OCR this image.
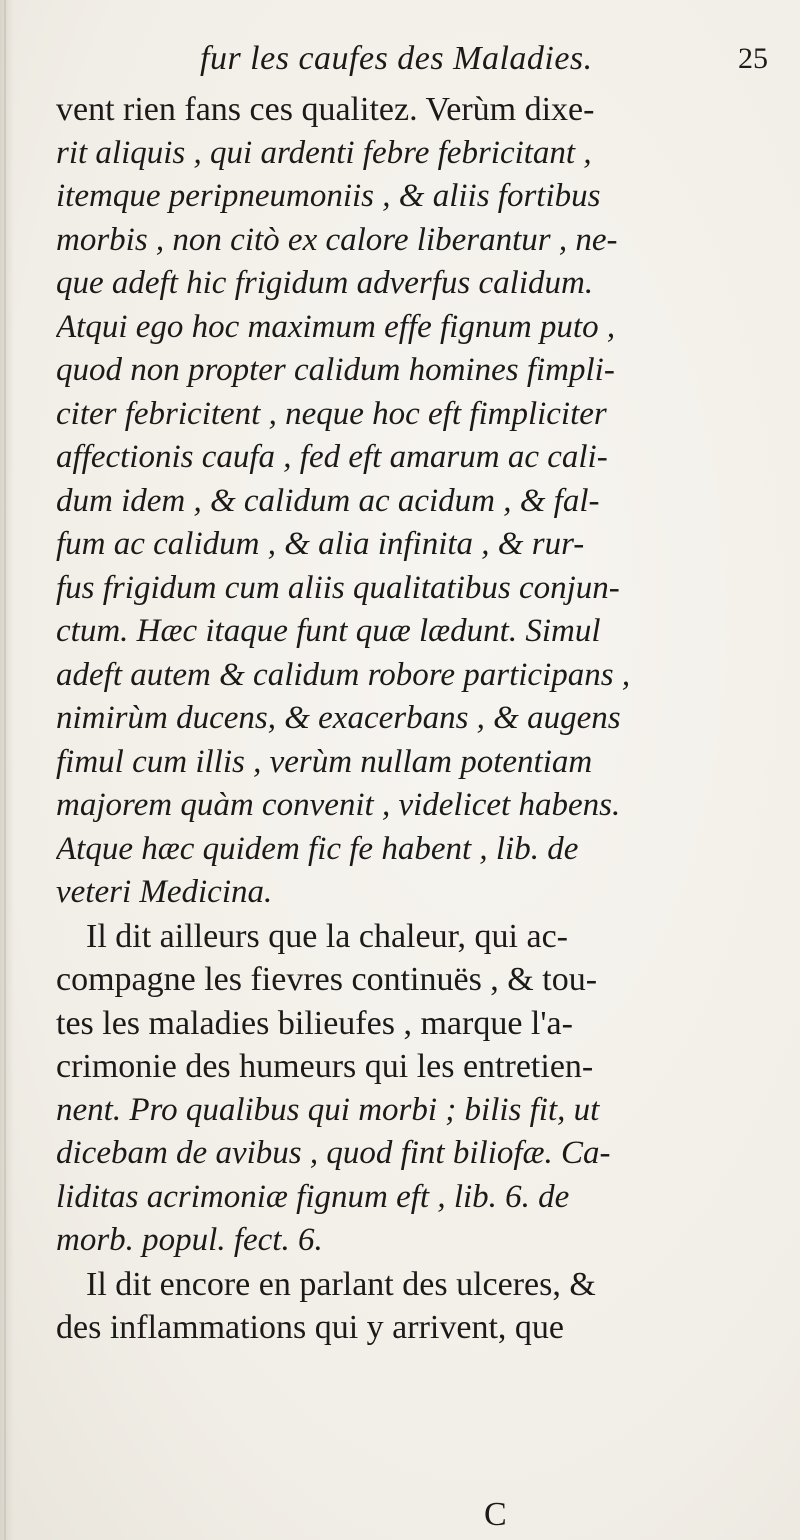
fur les caufes des Maladies.	25
vent rien fans ces qualitez. Verùm dixe-
rit aliquis , qui ardenti febre febricitant ,
itemque peripneumoniis , & aliis fortibus
morbis , non citò ex calore liberantur , ne-
que adeft hic frigidum adverfus calidum.
Atqui ego hoc maximum effe fignum puto ,
quod non propter calidum homines fimpli-
citer febricitent , neque hoc eft fimpliciter
affectionis caufa , fed eft amarum ac cali-
dum idem , & calidum ac acidum , & fal-
fum ac calidum , & alia infinita , & rur-
fus frigidum cum aliis qualitatibus conjun-
ctum. Hæc itaque funt quæ lædunt. Simul
adeft autem & calidum robore participans ,
nimirùm ducens, & exacerbans , & augens
fimul cum illis , verùm nullam potentiam
majorem quàm convenit , videlicet habens.
Atque hæc quidem fic fe habent , lib. de
veteri Medicina.
Il dit ailleurs que la chaleur, qui ac-
compagne les fievres continuës , & tou-
tes les maladies bilieufes , marque l'a-
crimonie des humeurs qui les entretien-
nent. Pro qualibus qui morbi ; bilis fit, ut
dicebam de avibus , quod fint biliofæ. Ca-
liditas acrimoniæ fignum eft , lib. 6. de
morb. popul. fect. 6.
Il dit encore en parlant des ulceres, &
des inflammations qui y arrivent, que
C
